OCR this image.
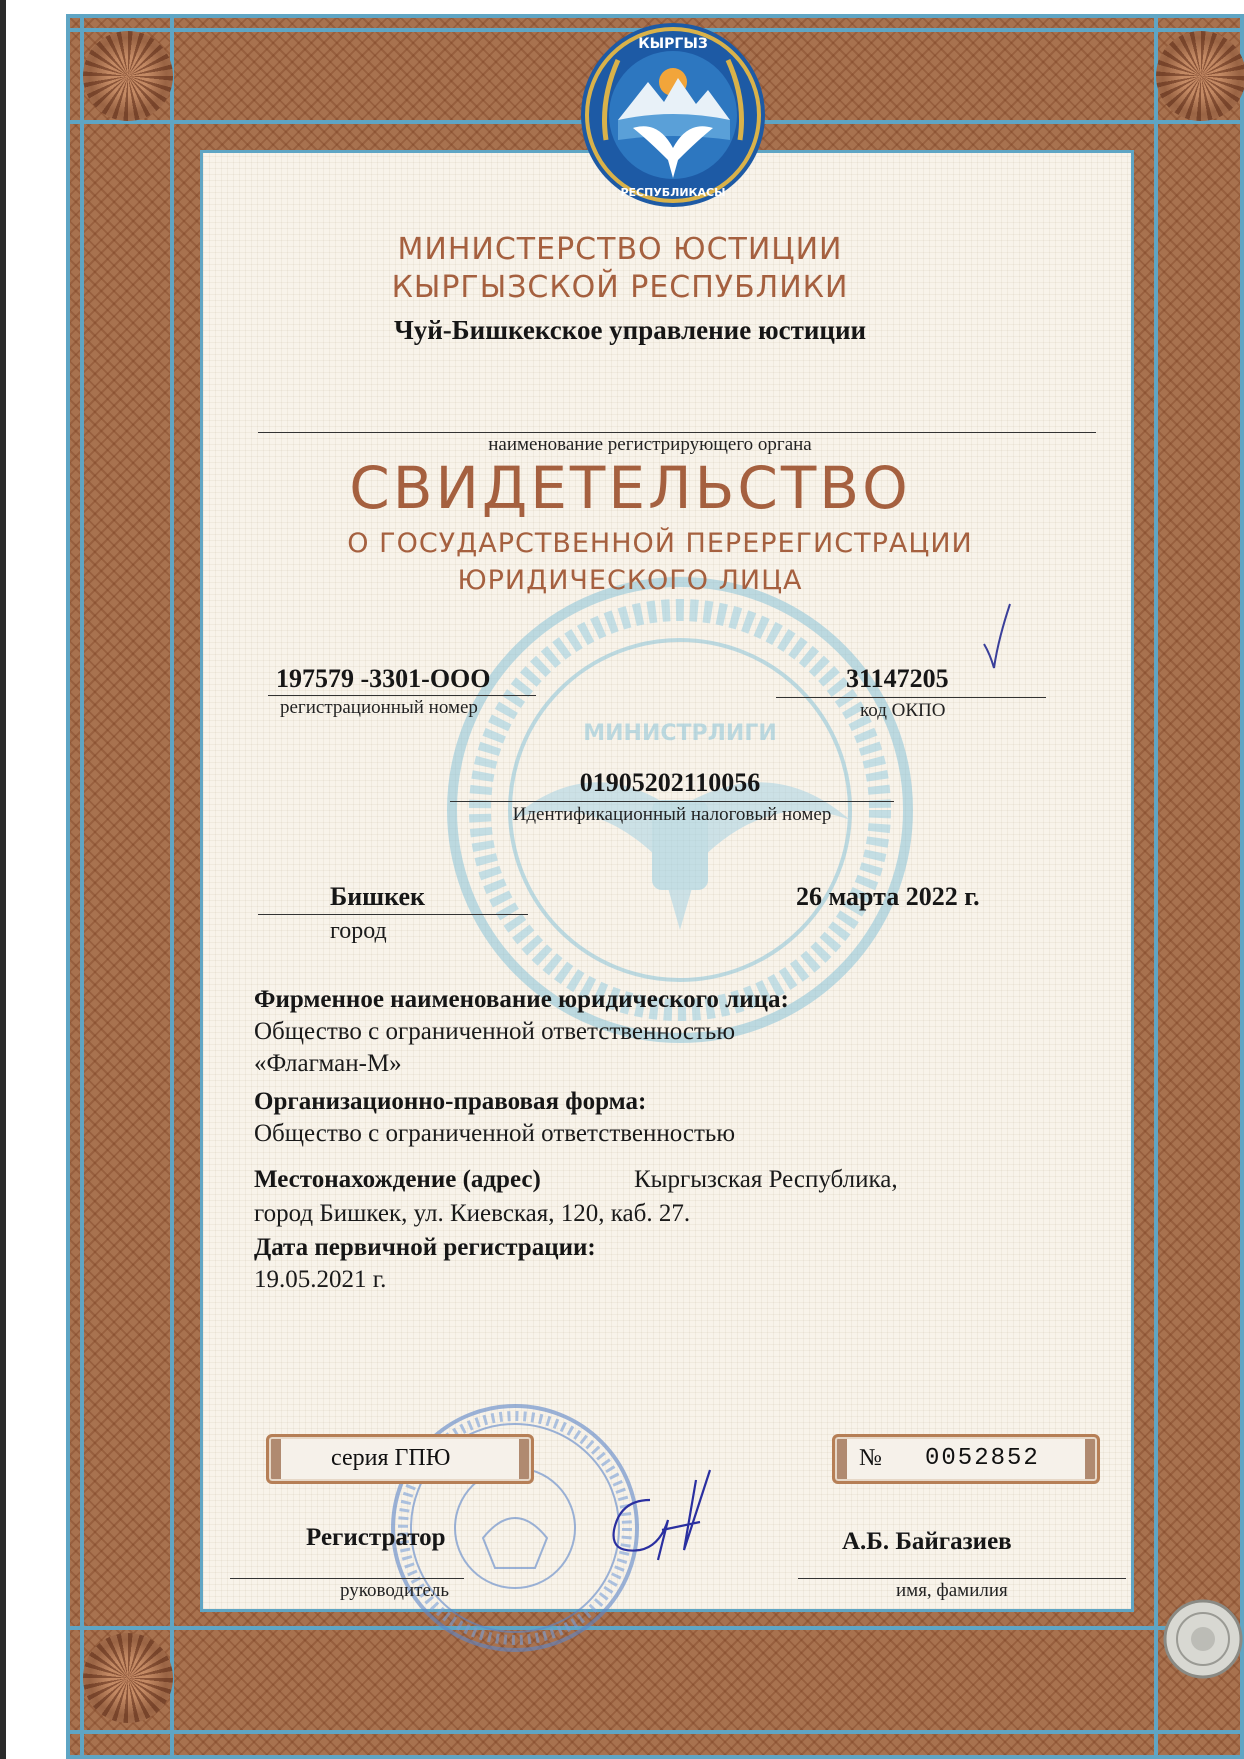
МИНИСТРЛИГИ
КЫРГЫЗ
РЕСПУБЛИКАСЫ

МИНИСТЕРСТВО ЮСТИЦИИ

КЫРГЫЗСКОЙ РЕСПУБЛИКИ

Чуй-Бишкекское управление юстиции

наименование регистрирующего органа

СВИДЕТЕЛЬСТВО

О ГОСУДАРСТВЕННОЙ ПЕРЕРЕГИСТРАЦИИ

ЮРИДИЧЕСКОГО ЛИЦА

197579 -3301-ООО

регистрационный номер

31147205

код ОКПО

01905202110056

Идентификационный налоговый номер

Бишкек

город

26 марта 2022 г.

Фирменное наименование юридического лица:

Общество с ограниченной ответственностью

«Флагман-М»

Организационно-правовая форма:

Общество с ограниченной ответственностью

Местонахождение (адрес)	Кыргызская Республика,

город Бишкек, ул. Киевская, 120, каб. 27.

Дата первичной регистрации:

19.05.2021 г.

серия ГПЮ	№ 0052852

Регистратор

руководитель

А.Б. Байгазиев

имя, фамилия
